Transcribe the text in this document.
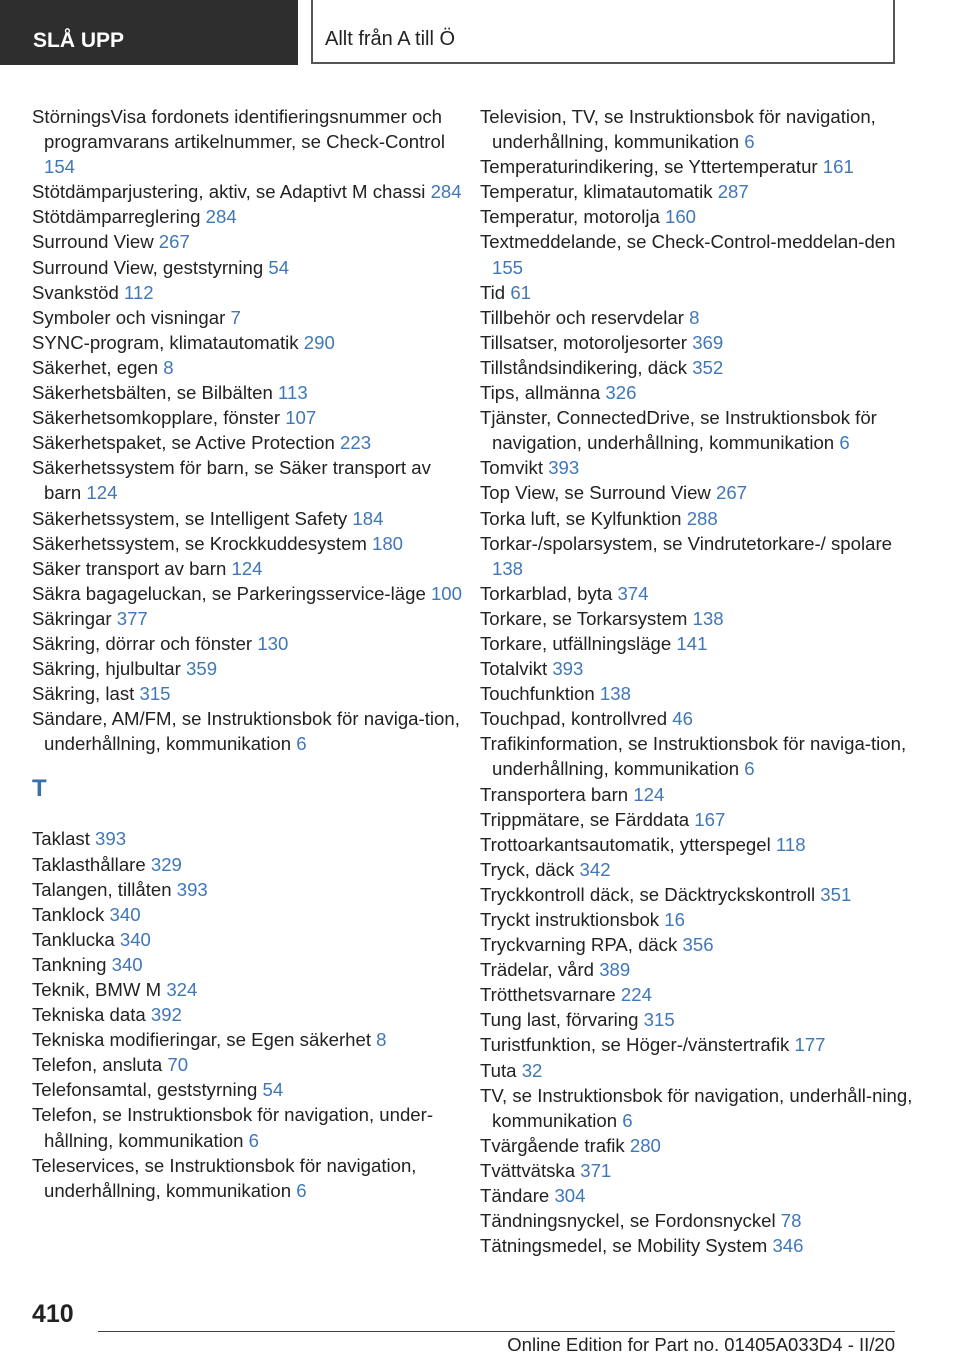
SLÅ UPP	Allt från A till Ö
StörningsVisa fordonets identifieringsnummer och programvarans artikelnummer, se Check-Control 154
Stötdämparjustering, aktiv, se Adaptivt M chassi 284
Stötdämparreglering 284
Surround View 267
Surround View, geststyrning 54
Svankstöd 112
Symboler och visningar 7
SYNC-program, klimatautomatik 290
Säkerhet, egen 8
Säkerhetsbälten, se Bilbälten 113
Säkerhetsomkopplare, fönster 107
Säkerhetspaket, se Active Protection 223
Säkerhetssystem för barn, se Säker transport av barn 124
Säkerhetssystem, se Intelligent Safety 184
Säkerhetssystem, se Krockkuddesystem 180
Säker transport av barn 124
Säkra bagageluckan, se Parkeringsservice-läge 100
Säkringar 377
Säkring, dörrar och fönster 130
Säkring, hjulbultar 359
Säkring, last 315
Sändare, AM/FM, se Instruktionsbok för naviga-tion, underhållning, kommunikation 6
T
Taklast 393
Taklasthållare 329
Talangen, tillåten 393
Tanklock 340
Tanklucka 340
Tankning 340
Teknik, BMW M 324
Tekniska data 392
Tekniska modifieringar, se Egen säkerhet 8
Telefon, ansluta 70
Telefonsamtal, geststyrning 54
Telefon, se Instruktionsbok för navigation, under-hållning, kommunikation 6
Teleservices, se Instruktionsbok för navigation, underhållning, kommunikation 6
Television, TV, se Instruktionsbok för navigation, underhållning, kommunikation 6
Temperaturindikering, se Yttertemperatur 161
Temperatur, klimatautomatik 287
Temperatur, motorolja 160
Textmeddelande, se Check-Control-meddelan-den 155
Tid 61
Tillbehör och reservdelar 8
Tillsatser, motoroljesorter 369
Tillståndsindikering, däck 352
Tips, allmänna 326
Tjänster, ConnectedDrive, se Instruktionsbok för navigation, underhållning, kommunikation 6
Tomvikt 393
Top View, se Surround View 267
Torka luft, se Kylfunktion 288
Torkar-/spolarsystem, se Vindrutetorkare-/ spolare 138
Torkarblad, byta 374
Torkare, se Torkarsystem 138
Torkare, utfällningsläge 141
Totalvikt 393
Touchfunktion 138
Touchpad, kontrollvred 46
Trafikinformation, se Instruktionsbok för naviga-tion, underhållning, kommunikation 6
Transportera barn 124
Trippmätare, se Färddata 167
Trottoarkantsautomatik, ytterspegel 118
Tryck, däck 342
Tryckkontroll däck, se Däcktryckskontroll 351
Tryckt instruktionsbok 16
Tryckvarning RPA, däck 356
Trädelar, vård 389
Trötthetsvarnare 224
Tung last, förvaring 315
Turistfunktion, se Höger-/vänstertrafik 177
Tuta 32
TV, se Instruktionsbok för navigation, underhåll-ning, kommunikation 6
Tvärgående trafik 280
Tvättvätska 371
Tändare 304
Tändningsnyckel, se Fordonsnyckel 78
Tätningsmedel, se Mobility System 346
410
Online Edition for Part no. 01405A033D4 - II/20
